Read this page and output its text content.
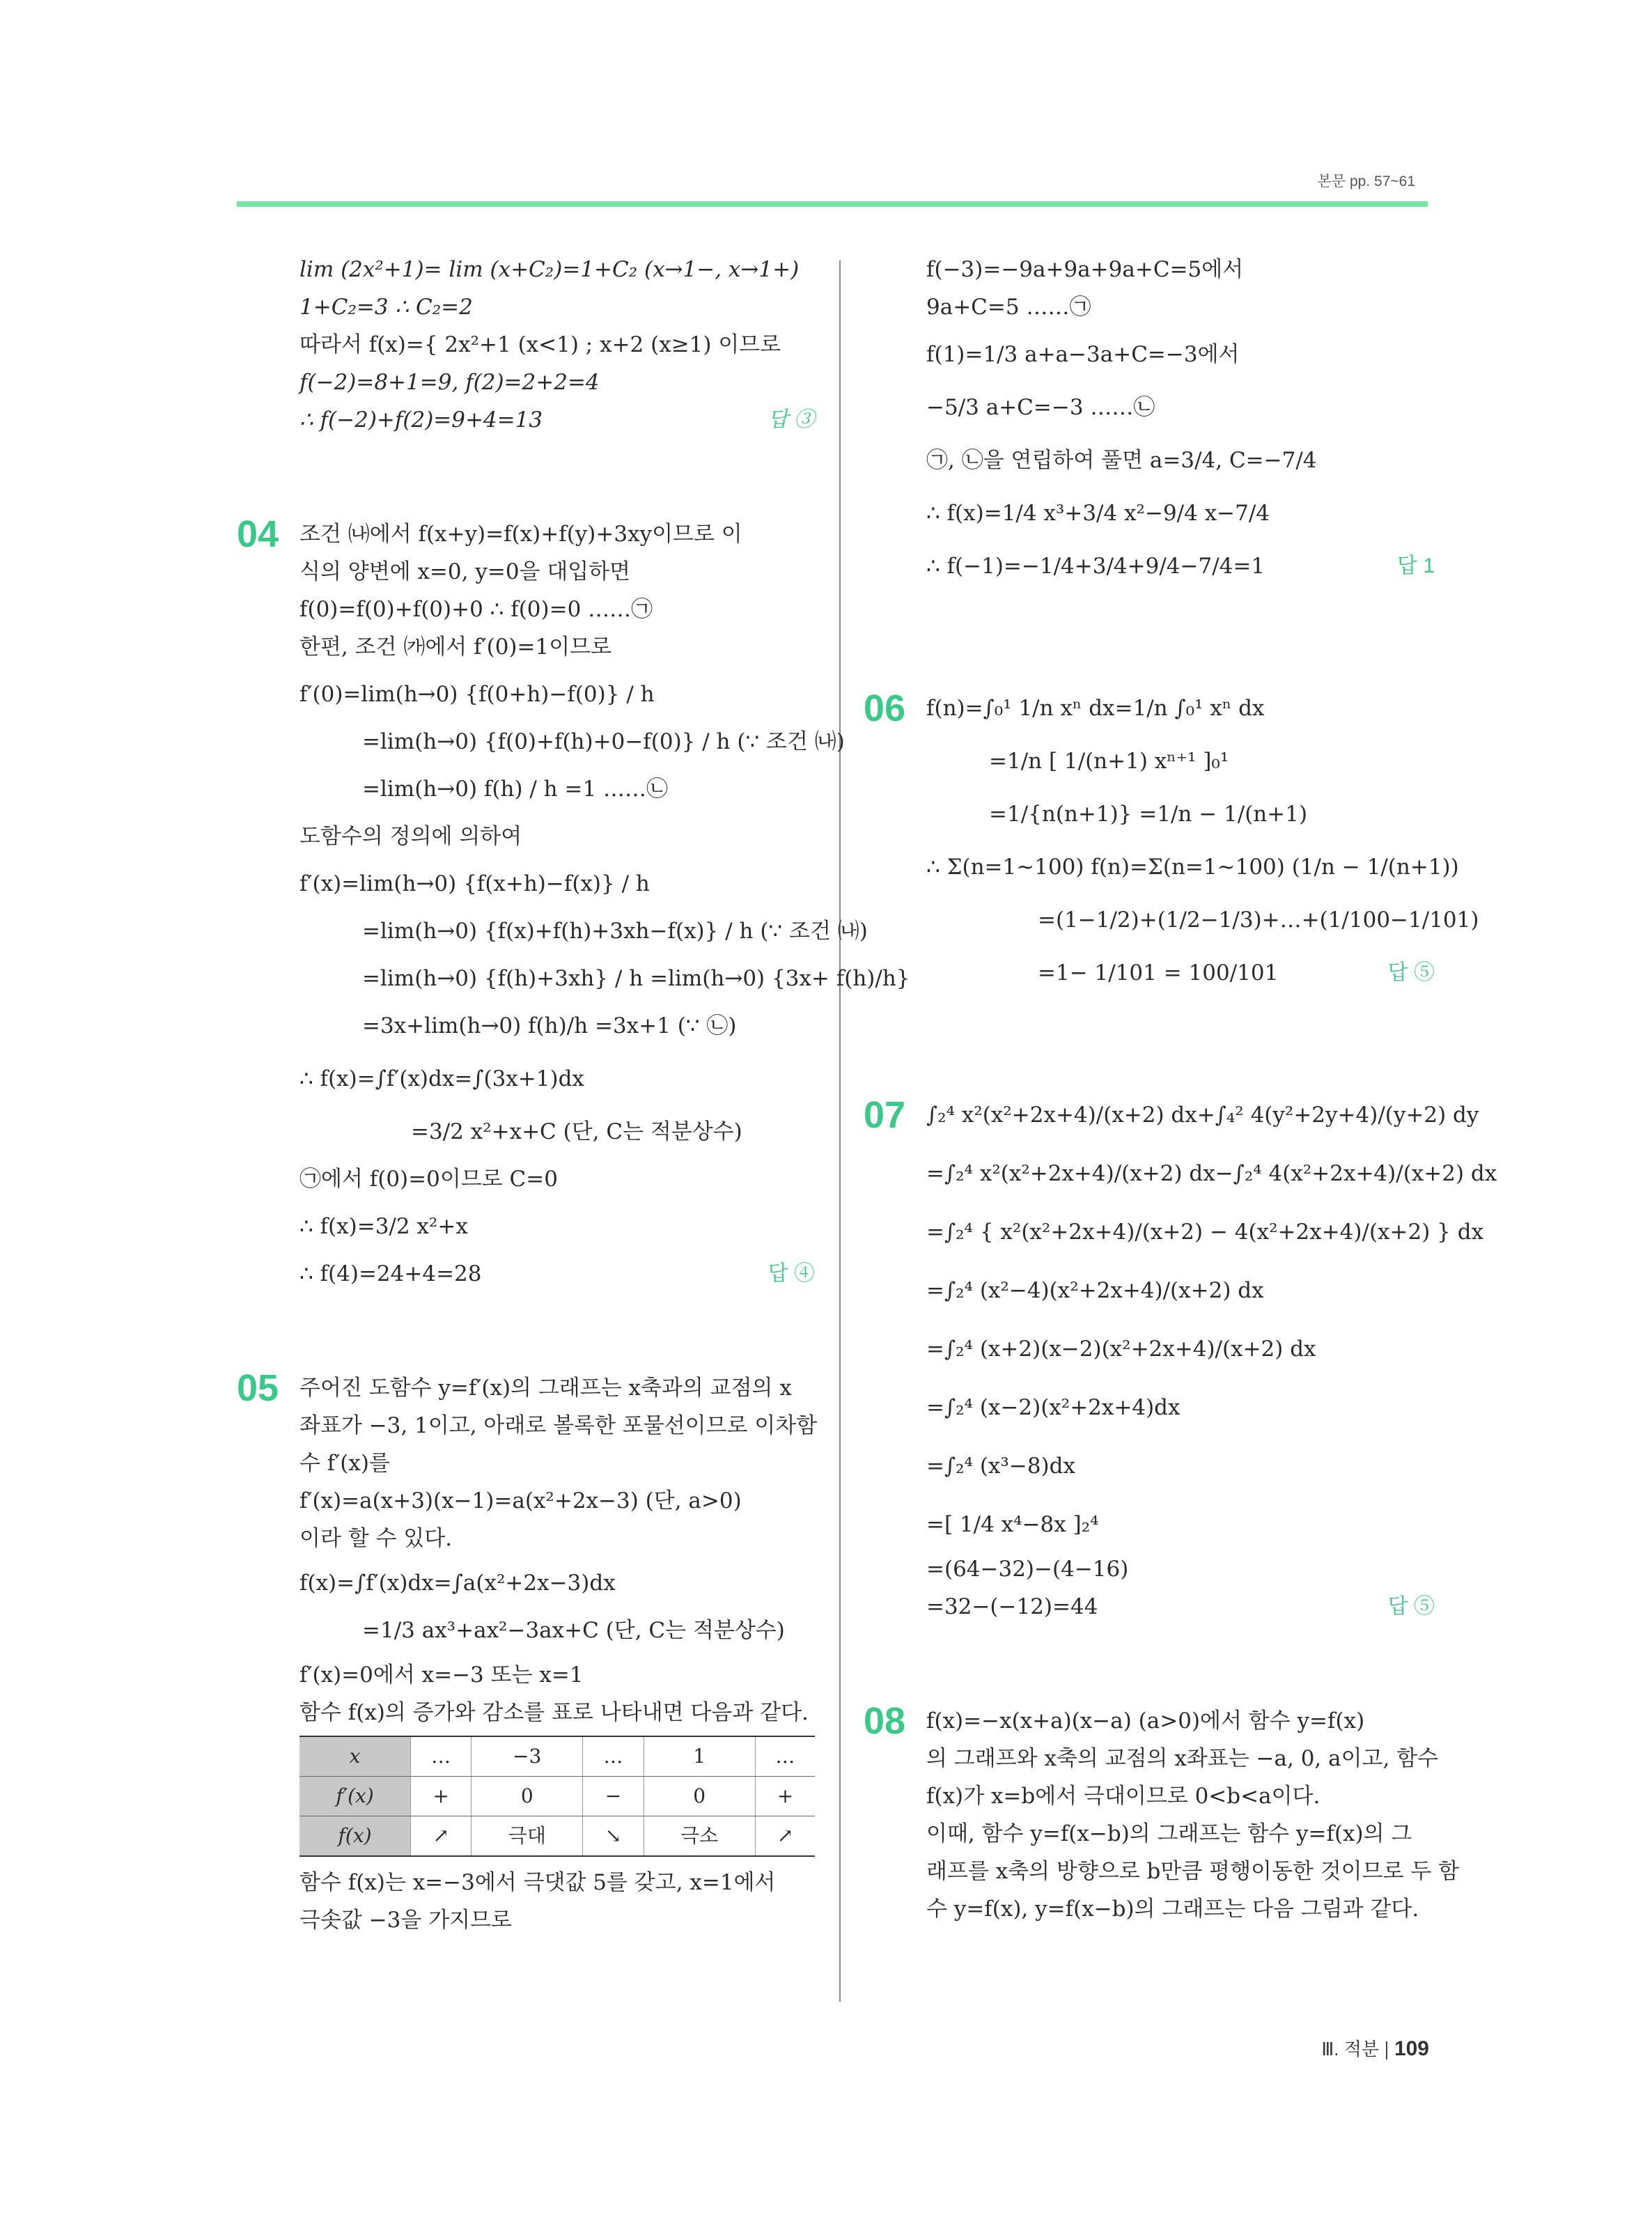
본문 pp. 57~61
lim (2x²+1)= lim (x+C₂)=1+C₂ (x→1−, x→1+)
1+C₂=3 ∴ C₂=2
따라서 f(x)={ 2x²+1 (x<1) ; x+2 (x≥1) 이므로
f(−2)=8+1=9, f(2)=2+2=4
∴ f(−2)+f(2)=9+4=13	답 ③
04 조건 ㈏에서 f(x+y)=f(x)+f(y)+3xy이므로 이
식의 양변에 x=0, y=0을 대입하면
f(0)=f(0)+f(0)+0 ∴ f(0)=0 ……㉠
한편, 조건 ㈎에서 f′(0)=1이므로
f′(0)=lim(h→0) {f(0+h)−f(0)} / h
=lim(h→0) {f(0)+f(h)+0−f(0)} / h (∵ 조건 ㈏)
=lim(h→0) f(h) / h =1 ……㉡
도함수의 정의에 의하여
f′(x)=lim(h→0) {f(x+h)−f(x)} / h
=lim(h→0) {f(x)+f(h)+3xh−f(x)} / h (∵ 조건 ㈏)
=lim(h→0) {f(h)+3xh} / h =lim(h→0) {3x+ f(h)/h}
=3x+lim(h→0) f(h)/h =3x+1 (∵ ㉡)
∴ f(x)=∫f′(x)dx=∫(3x+1)dx
=3/2 x²+x+C (단, C는 적분상수)
㉠에서 f(0)=0이므로 C=0
∴ f(x)=3/2 x²+x
∴ f(4)=24+4=28	답 ④
05 주어진 도함수 y=f′(x)의 그래프는 x축과의 교점의 x
좌표가 −3, 1이고, 아래로 볼록한 포물선이므로 이차함
수 f′(x)를
f′(x)=a(x+3)(x−1)=a(x²+2x−3) (단, a>0)
이라 할 수 있다.
f(x)=∫f′(x)dx=∫a(x²+2x−3)dx
=1/3 ax³+ax²−3ax+C (단, C는 적분상수)
f′(x)=0에서 x=−3 또는 x=1
함수 f(x)의 증가와 감소를 표로 나타내면 다음과 같다.
x	…	−3	…	1	…
f′(x)	+	0	−	0	+
f(x)	↗	극대	↘	극소	↗
함수 f(x)는 x=−3에서 극댓값 5를 갖고, x=1에서
극솟값 −3을 가지므로
f(−3)=−9a+9a+9a+C=5에서
9a+C=5 ……㉠
f(1)=1/3 a+a−3a+C=−3에서
−5/3 a+C=−3 ……㉡
㉠, ㉡을 연립하여 풀면 a=3/4, C=−7/4
∴ f(x)=1/4 x³+3/4 x²−9/4 x−7/4
∴ f(−1)=−1/4+3/4+9/4−7/4=1	답 1
06 f(n)=∫₀¹ 1/n xⁿ dx=1/n ∫₀¹ xⁿ dx
=1/n [ 1/(n+1) xⁿ⁺¹ ]₀¹
=1/{n(n+1)} =1/n − 1/(n+1)
∴ Σ(n=1~100) f(n)=Σ(n=1~100) (1/n − 1/(n+1))
=(1−1/2)+(1/2−1/3)+…+(1/100−1/101)
=1− 1/101 = 100/101	답 ⑤
07 ∫₂⁴ x²(x²+2x+4)/(x+2) dx+∫₄² 4(y²+2y+4)/(y+2) dy
=∫₂⁴ x²(x²+2x+4)/(x+2) dx−∫₂⁴ 4(x²+2x+4)/(x+2) dx
=∫₂⁴ { x²(x²+2x+4)/(x+2) − 4(x²+2x+4)/(x+2) } dx
=∫₂⁴ (x²−4)(x²+2x+4)/(x+2) dx
=∫₂⁴ (x+2)(x−2)(x²+2x+4)/(x+2) dx
=∫₂⁴ (x−2)(x²+2x+4)dx
=∫₂⁴ (x³−8)dx
=[ 1/4 x⁴−8x ]₂⁴
=(64−32)−(4−16)
=32−(−12)=44	답 ⑤
08 f(x)=−x(x+a)(x−a) (a>0)에서 함수 y=f(x)
의 그래프와 x축의 교점의 x좌표는 −a, 0, a이고, 함수
f(x)가 x=b에서 극대이므로 0<b<a이다.
이때, 함수 y=f(x−b)의 그래프는 함수 y=f(x)의 그
래프를 x축의 방향으로 b만큼 평행이동한 것이므로 두 함
수 y=f(x), y=f(x−b)의 그래프는 다음 그림과 같다.
Ⅲ. 적분 109
